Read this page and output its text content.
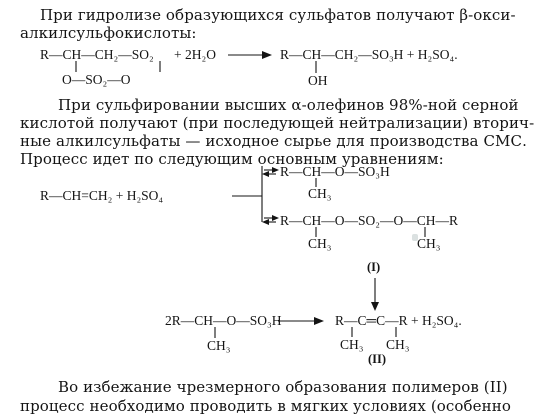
При гидролизе образующихся сульфатов получают β-окси-
алкилсульфокислоты:
R—CH—CH₂—SO₂
O—SO₂—O
+ 2H₂O	R—CH—CH₂—SO₃H + H₂SO₄.
OH
При сульфировании высших α-олефинов 98%-ной серной
кислотой получают (при последующей нейтрализации) вторич-
ные алкилсульфаты — исходное сырье для производства СМС.
Процесс идет по следующим основным уравнениям:
R—CH=CH₂ + H₂SO₄
R—CH—O—SO₃H
CH₃
R—CH—O—SO₂—O—CH—R
CH₃	CH₃
(I)
2R—CH—O—SO₃H
CH₃
R—C═C—R + H₂SO₄.
CH₃ CH₃
(II)
Во избежание чрезмерного образования полимеров (II)
процесс необходимо проводить в мягких условиях (особенно
